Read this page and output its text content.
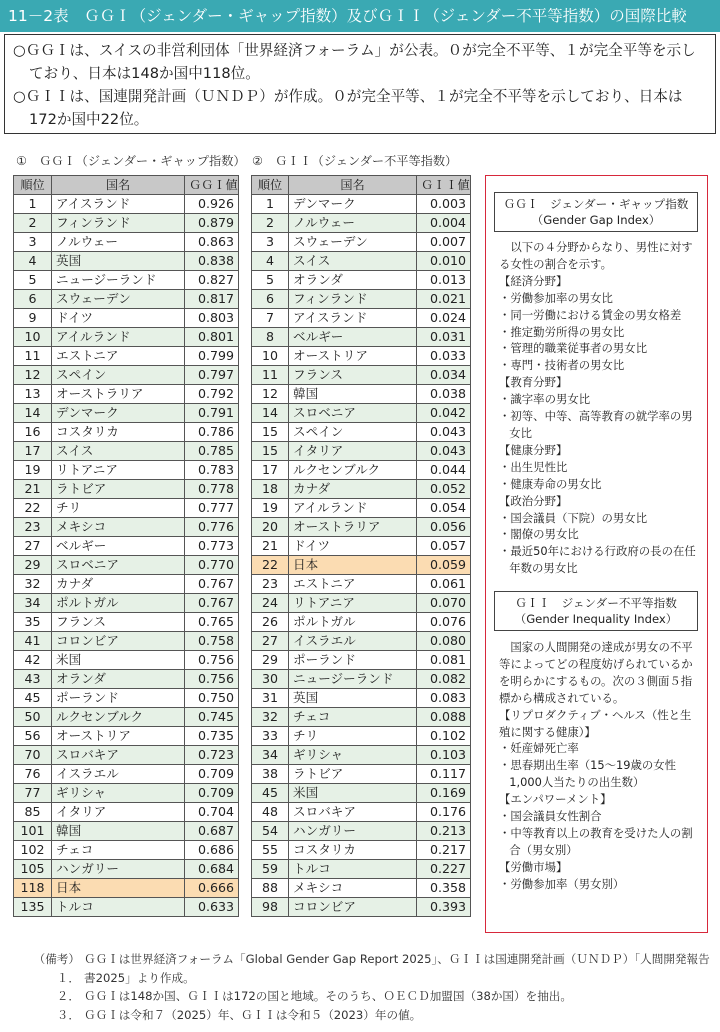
11－2表　ＧＧＩ（ジェンダー・ギャップ指数）及びＧＩＩ（ジェンダー不平等指数）の国際比較

○ＧＧＩは、スイスの非営利団体「世界経済フォーラム」が公表。０が完全不平等、１が完全平等を示しており、日本は148か国中118位。

○ＧＩＩは、国連開発計画（ＵＮＤＰ）が作成。０が完全平等、１が完全不平等を示しており、日本は172か国中22位。

①　ＧＧＩ（ジェンダー・ギャップ指数） ②　ＧＩＩ（ジェンダー不平等指数）
順位	国名	ＧＧＩ値
1	アイスランド	0.926
2	フィンランド	0.879
3	ノルウェー	0.863
4	英国	0.838
5	ニュージーランド	0.827
6	スウェーデン	0.817
9	ドイツ	0.803
10	アイルランド	0.801
11	エストニア	0.799
12	スペイン	0.797
13	オーストラリア	0.792
14	デンマーク	0.791
16	コスタリカ	0.786
17	スイス	0.785
19	リトアニア	0.783
21	ラトビア	0.778
22	チリ	0.777
23	メキシコ	0.776
27	ベルギー	0.773
29	スロベニア	0.770
32	カナダ	0.767
34	ポルトガル	0.767
35	フランス	0.765
41	コロンビア	0.758
42	米国	0.756
43	オランダ	0.756
45	ポーランド	0.750
50	ルクセンブルク	0.745
56	オーストリア	0.735
70	スロバキア	0.723
76	イスラエル	0.709
77	ギリシャ	0.709
85	イタリア	0.704
101	韓国	0.687
102	チェコ	0.686
105	ハンガリー	0.684
118	日本	0.666
135	トルコ	0.633
順位	国名	ＧＩＩ値
1	デンマーク	0.003
2	ノルウェー	0.004
3	スウェーデン	0.007
4	スイス	0.010
5	オランダ	0.013
6	フィンランド	0.021
7	アイスランド	0.024
8	ベルギー	0.031
10	オーストリア	0.033
11	フランス	0.034
12	韓国	0.038
14	スロベニア	0.042
15	スペイン	0.043
15	イタリア	0.043
17	ルクセンブルク	0.044
18	カナダ	0.052
19	アイルランド	0.054
20	オーストラリア	0.056
21	ドイツ	0.057
22	日本	0.059
23	エストニア	0.061
24	リトアニア	0.070
26	ポルトガル	0.076
27	イスラエル	0.080
29	ポーランド	0.081
30	ニュージーランド	0.082
31	英国	0.083
32	チェコ	0.088
33	チリ	0.102
34	ギリシャ	0.103
38	ラトビア	0.117
45	米国	0.169
48	スロバキア	0.176
54	ハンガリー	0.213
55	コスタリカ	0.217
59	トルコ	0.227
88	メキシコ	0.358
98	コロンビア	0.393
ＧＧＩ　ジェンダー・ギャップ指数
（Gender Gap Index）

以下の４分野からなり、男性に対する女性の割合を示す。

【経済分野】

・労働参加率の男女比

・同一労働における賃金の男女格差

・推定勤労所得の男女比

・管理的職業従事者の男女比

・専門・技術者の男女比

【教育分野】

・識字率の男女比

・初等、中等、高等教育の就学率の男女比

【健康分野】

・出生児性比

・健康寿命の男女比

【政治分野】

・国会議員（下院）の男女比

・閣僚の男女比

・最近50年における行政府の長の在任年数の男女比

ＧＩＩ　ジェンダー不平等指数
（Gender Inequality Index）

国家の人間開発の達成が男女の不平等によってどの程度妨げられているかを明らかにするもの。次の３側面５指標から構成されている。

【リプロダクティブ・ヘルス（性と生殖に関する健康）】

・妊産婦死亡率

・思春期出生率（15～19歳の女性1,000人当たりの出生数）

【エンパワーメント】

・国会議員女性割合

・中等教育以上の教育を受けた人の割合（男女別）

【労働市場】

・労働参加率（男女別）

（備考）１．
ＧＧＩは世界経済フォーラム「Global Gender Gap Report 2025」、ＧＩＩは国連開発計画（ＵＮＤＰ）「人間開発報告書2025」より作成。
２． ＧＧＩは148か国、ＧＩＩは172の国と地域。そのうち、ＯＥＣＤ加盟国（38か国）を抽出。
３． ＧＧＩは令和７（2025）年、ＧＩＩは令和５（2023）年の値。
